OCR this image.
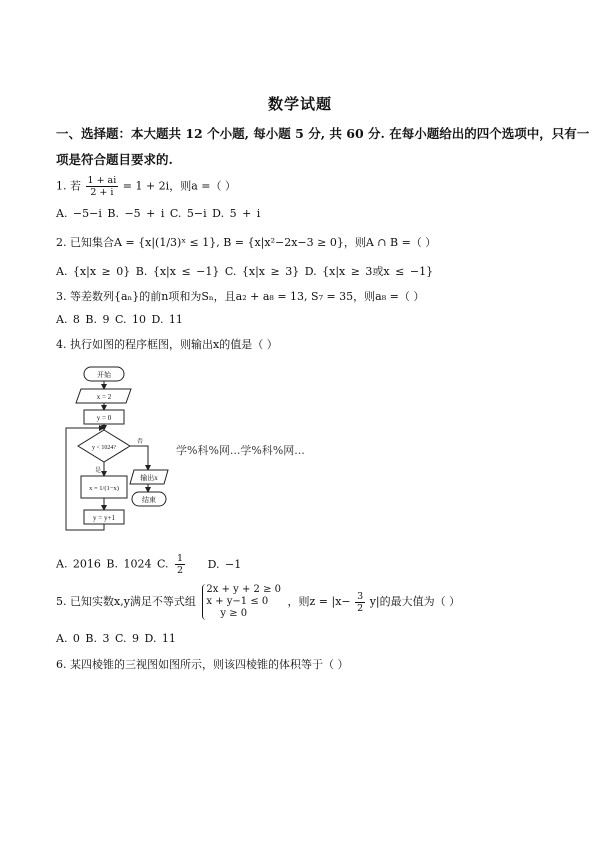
数学试题
一、选择题：本大题共 12 个小题, 每小题 5 分, 共 60 分. 在每小题给出的四个选项中，只有一
项是符合题目要求的.
1. 若 $\frac{1 + ai}{2 + i} = 1 + 2i$，则a =（ ）
A. −5−i B. −5 + i C. 5−i D. 5 + i
2. 已知集合A = {x|(1/3)ˣ ≤ 1}, B = {x|x²−2x−3 ≥ 0}，则A ∩ B =（ ）
A. {x|x ≥ 0} B. {x|x ≤ −1} C. {x|x ≥ 3} D. {x|x ≥ 3或x ≤ −1}
3. 等差数列{aₙ}的前n项和为Sₙ，且a₂ + a₈ = 13, S₇ = 35，则a₈ =（ ）
A. 8 B. 9 C. 10 D. 11
4. 执行如图的程序框图，则输出x的值是（ ）
开始
x = 2
y = 0
y < 1024?
是
否
输出x
结束
x = 1/(1−x)
y = y+1
学%科%网...学%科%网...
A. 2016 B. 1024 C. $\frac{1}{2} D$. −1
5. 已知实数x,y满足不等式组
2x + y + 2 ≥ 0
x + y−1 ≤ 0
y ≥ 0
，则$z = |x- \frac{3}{2} y|$的最大值为（ ）
A. 0 B. 3 C. 9 D. 11
6. 某四棱锥的三视图如图所示，则该四棱锥的体积等于（ ）
